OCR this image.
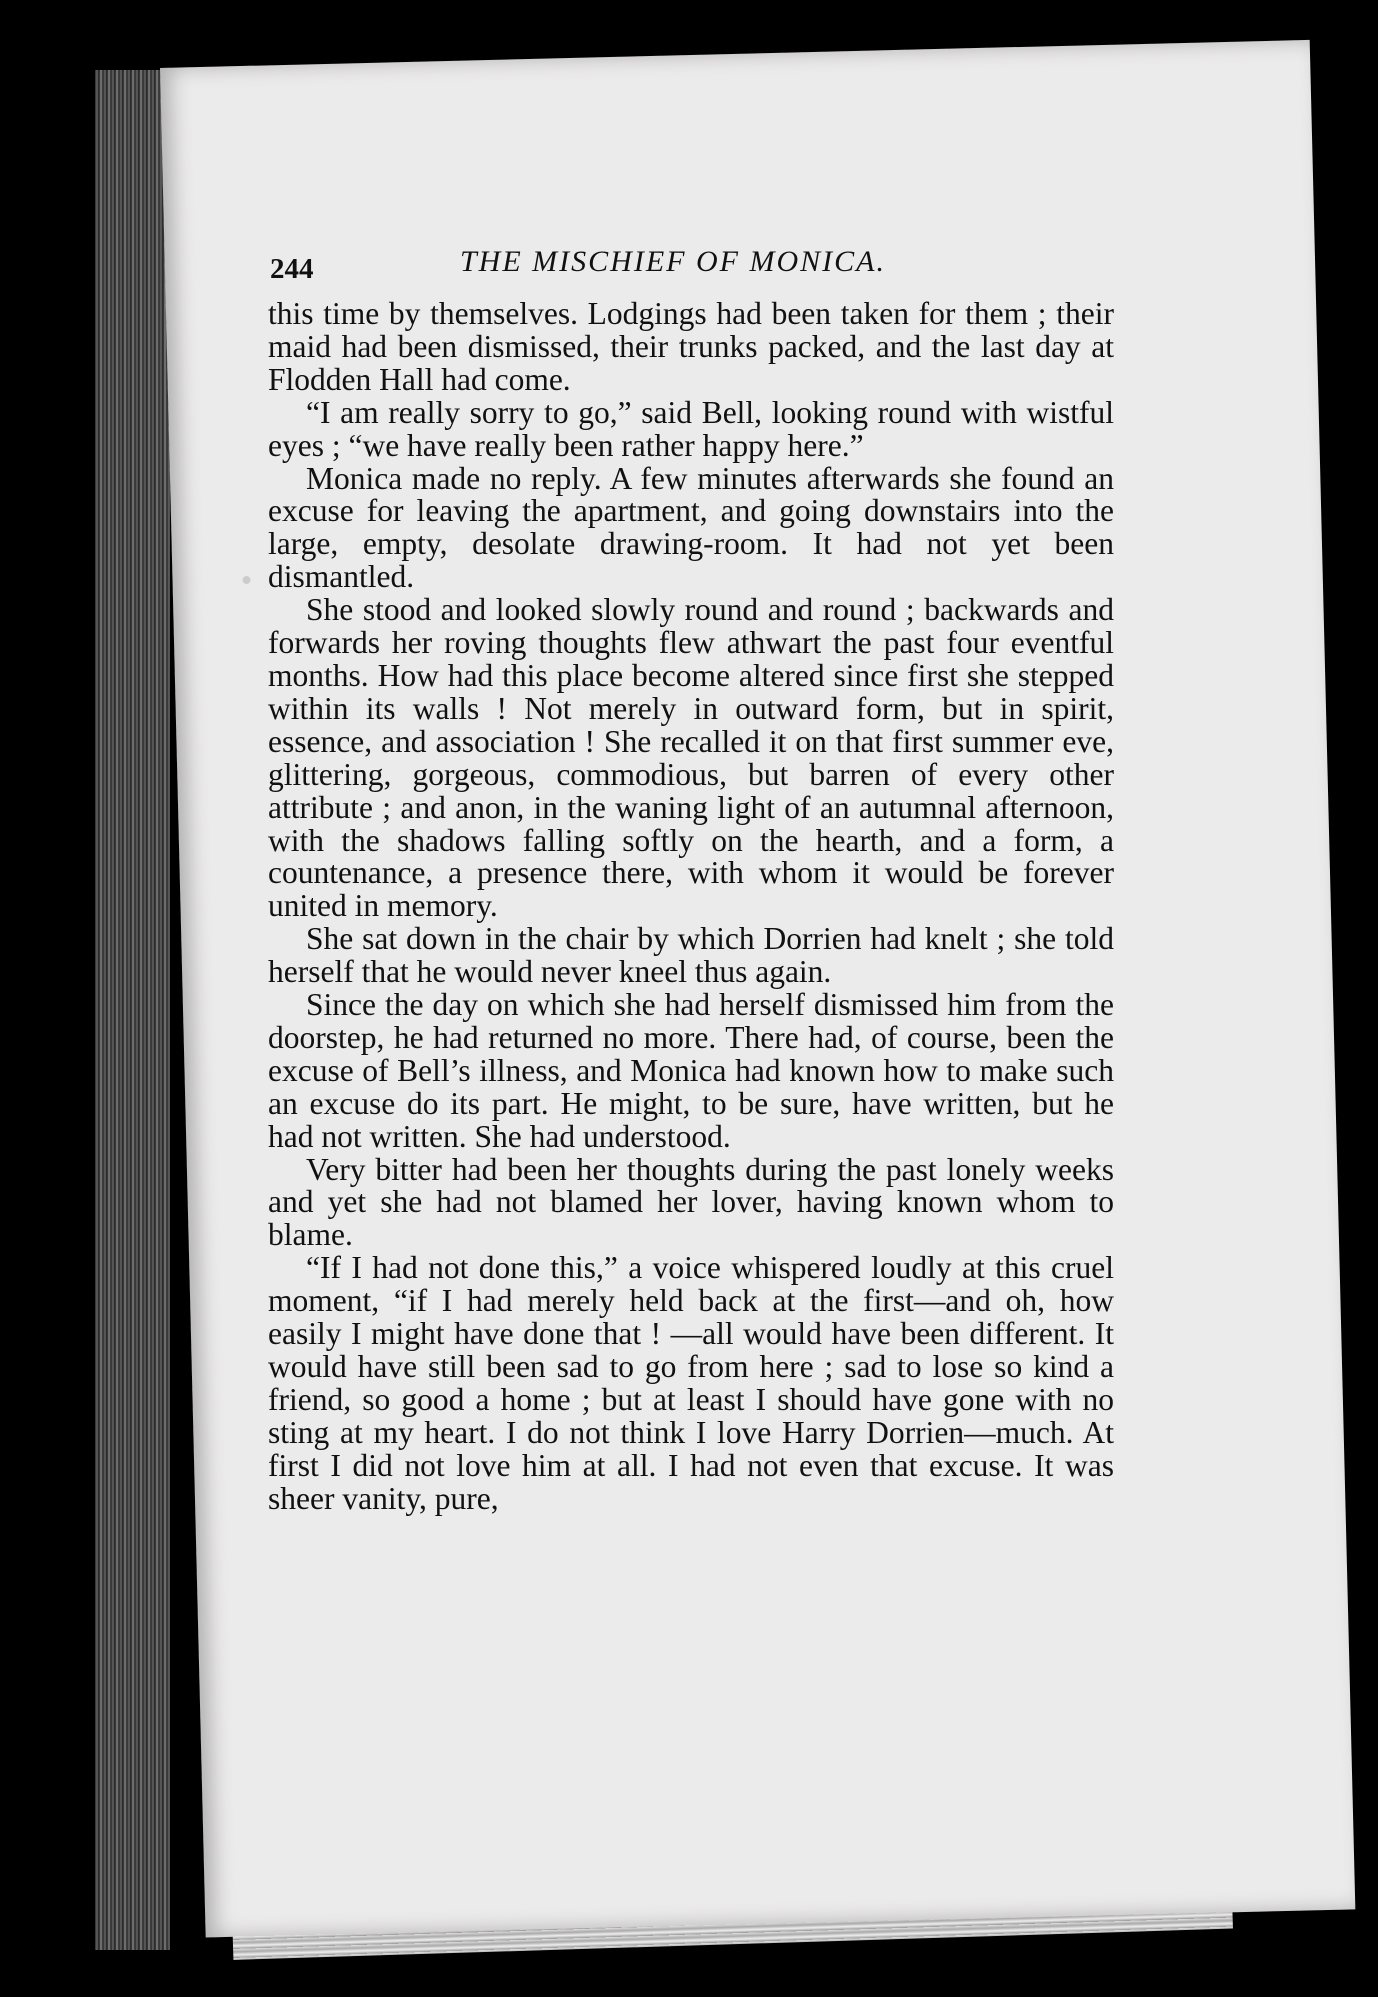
244	THE MISCHIEF OF MONICA.

this time by themselves. Lodgings had been taken for them ; their maid had been dismissed, their trunks packed, and the last day at Flodden Hall had come.

“I am really sorry to go,” said Bell, looking round with wistful eyes ; “we have really been rather happy here.”

Monica made no reply. A few minutes afterwards she found an excuse for leaving the apartment, and going downstairs into the large, empty, desolate drawing-room. It had not yet been dismantled.

She stood and looked slowly round and round ; backwards and forwards her roving thoughts flew athwart the past four eventful months. How had this place become altered since first she stepped within its walls ! Not merely in outward form, but in spirit, essence, and association ! She recalled it on that first summer eve, glittering, gorgeous, commodious, but barren of every other attribute ; and anon, in the waning light of an autumnal afternoon, with the shadows falling softly on the hearth, and a form, a countenance, a presence there, with whom it would be forever united in memory.

She sat down in the chair by which Dorrien had knelt ; she told herself that he would never kneel thus again.

Since the day on which she had herself dismissed him from the doorstep, he had returned no more. There had, of course, been the excuse of Bell’s illness, and Monica had known how to make such an excuse do its part. He might, to be sure, have written, but he had not written. She had understood.

Very bitter had been her thoughts during the past lonely weeks and yet she had not blamed her lover, having known whom to blame.

“If I had not done this,” a voice whispered loudly at this cruel moment, “if I had merely held back at the first—and oh, how easily I might have done that ! —all would have been different. It would have still been sad to go from here ; sad to lose so kind a friend, so good a home ; but at least I should have gone with no sting at my heart. I do not think I love Harry Dorrien—much. At first I did not love him at all. I had not even that excuse. It was sheer vanity, pure,
